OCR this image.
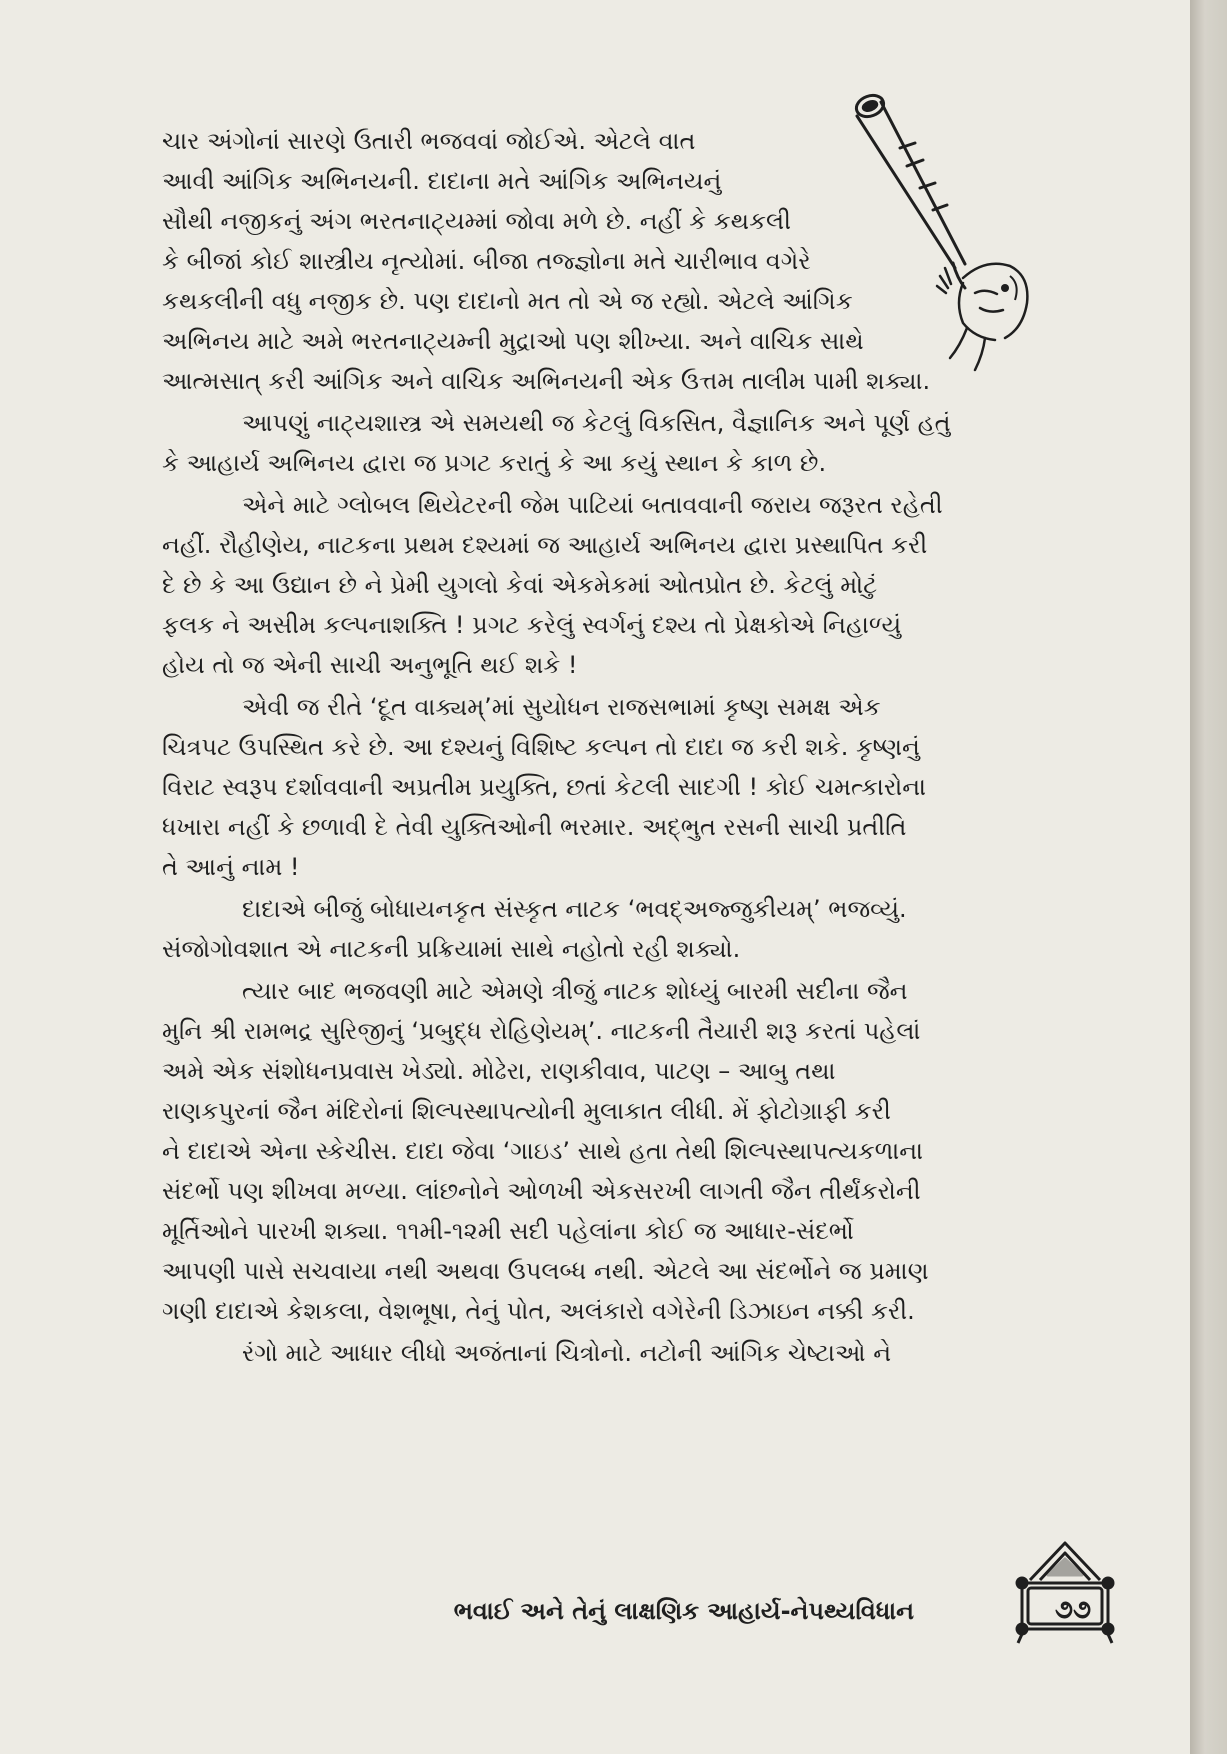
ચાર અંગોનાં સારણે ઉતારી ભજવવાં જોઈએ. એટલે વાત
આવી આંગિક અભિનયની. દાદાના મતે આંગિક અભિનયનું
સૌથી નજીકનું અંગ ભરતનાટ્યમ્માં જોવા મળે છે. નહીં કે કથકલી
કે બીજાં કોઈ શાસ્ત્રીય નૃત્યોમાં. બીજા તજ્જ્ઞોના મતે ચારીભાવ વગેરે
કથકલીની વધુ નજીક છે. પણ દાદાનો મત તો એ જ રહ્યો. એટલે આંગિક
અભિનય માટે અમે ભરતનાટ્યમ્ની મુદ્રાઓ પણ શીખ્યા. અને વાચિક સાથે
આત્મસાત્ કરી આંગિક અને વાચિક અભિનયની એક ઉત્તમ તાલીમ પામી શક્યા.
આપણું નાટ્યશાસ્ત્ર એ સમયથી જ કેટલું વિકસિત, વૈજ્ઞાનિક અને પૂર્ણ હતું
કે આહાર્ય અભિનય દ્વારા જ પ્રગટ કરાતું કે આ કયું સ્થાન કે કાળ છે.
એને માટે ગ્લોબલ થિયેટરની જેમ પાટિયાં બતાવવાની જરાય જરૂરત રહેતી
નહીં. રૌહીણેય, નાટકના પ્રથમ દશ્યમાં જ આહાર્ય અભિનય દ્વારા પ્રસ્થાપિત કરી
દે છે કે આ ઉદ્યાન છે ને પ્રેમી યુગલો કેવાં એકમેકમાં ઓતપ્રોત છે. કેટલું મોટું
ફલક ને અસીમ કલ્પનાશક્તિ ! પ્રગટ કરેલું સ્વર્ગનું દશ્ય તો પ્રેક્ષકોએ નિહાળ્યું
હોય તો જ એની સાચી અનુભૂતિ થઈ શકે !
એવી જ રીતે ‘દૂત વાક્યમ્’માં સુયોધન રાજસભામાં કૃષ્ણ સમક્ષ એક
ચિત્રપટ ઉપસ્થિત કરે છે. આ દશ્યનું વિશિષ્ટ કલ્પન તો દાદા જ કરી શકે. કૃષ્ણનું
વિરાટ સ્વરૂપ દર્શાવવાની અપ્રતીમ પ્રયુક્તિ, છતાં કેટલી સાદગી ! કોઈ ચમત્કારોના
ધખારા નહીં કે છળાવી દે તેવી યુક્તિઓની ભરમાર. અદ્ભુત રસની સાચી પ્રતીતિ
તે આનું નામ !
દાદાએ બીજું બોધાયનકૃત સંસ્કૃત નાટક ‘ભવદ્અજ્જુકીયમ્’ ભજવ્યું.
સંજોગોવશાત એ નાટકની પ્રક્રિયામાં સાથે નહોતો રહી શક્યો.
ત્યાર બાદ ભજવણી માટે એમણે ત્રીજું નાટક શોધ્યું બારમી સદીના જૈન
મુનિ શ્રી રામભદ્ર સુરિજીનું ‘પ્રબુદ્ધ રોહિણેયમ્’. નાટકની તૈયારી શરૂ કરતાં પહેલાં
અમે એક સંશોધનપ્રવાસ ખેડ્યો. મોઢેરા, રાણકીવાવ, પાટણ – આબુ તથા
રાણકપુરનાં જૈન મંદિરોનાં શિલ્પસ્થાપત્યોની મુલાકાત લીધી. મેં ફોટોગ્રાફી કરી
ને દાદાએ એના સ્કેચીસ. દાદા જેવા ‘ગાઇડ’ સાથે હતા તેથી શિલ્પસ્થાપત્યકળાના
સંદર્ભો પણ શીખવા મળ્યા. લાંછનોને ઓળખી એકસરખી લાગતી જૈન તીર્થંકરોની
મૂર્તિઓને પારખી શક્યા. ૧૧મી-૧૨મી સદી પહેલાંના કોઈ જ આધાર-સંદર્ભો
આપણી પાસે સચવાયા નથી અથવા ઉપલબ્ધ નથી. એટલે આ સંદર્ભોને જ પ્રમાણ
ગણી દાદાએ કેશકલા, વેશભૂષા, તેનું પોત, અલંકારો વગેરેની ડિઝાઇન નક્કી કરી.
રંગો માટે આધાર લીધો અજંતાનાં ચિત્રોનો. નટોની આંગિક ચેષ્ટાઓ ને
ભવાઈ અને તેનું લાક્ષણિક આહાર્ય-નેપથ્યવિધાન	૭૭
